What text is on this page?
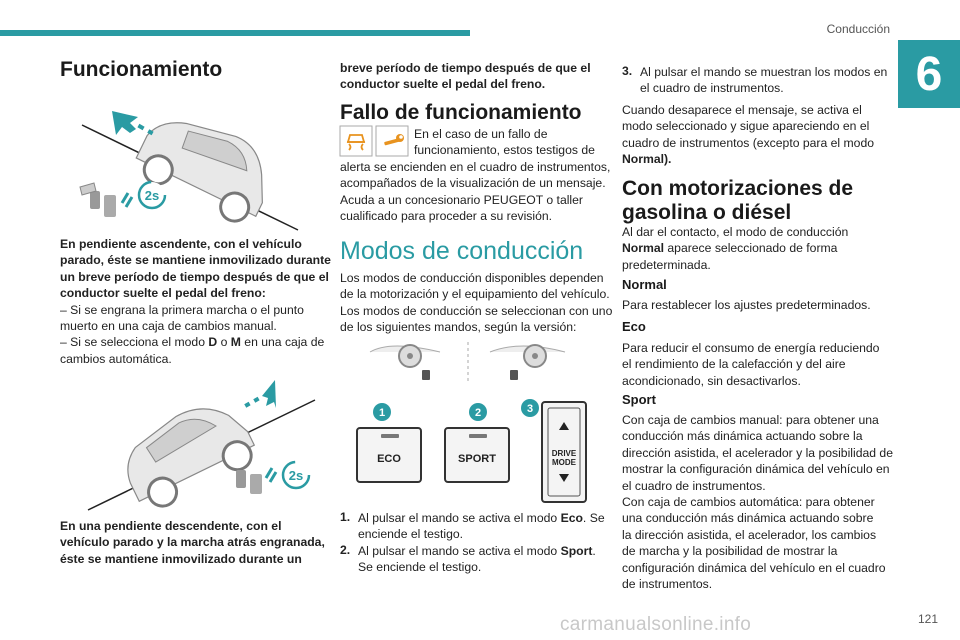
Conducción
6
Funcionamiento
2s
En pendiente ascendente, con el vehículo
parado, éste se mantiene inmovilizado durante
un breve período de tiempo después de que el
conductor suelte el pedal del freno:
– Si se engrana la primera marcha o el punto
muerto en una caja de cambios manual.
– Si se selecciona el modo D o M en una caja de
cambios automática.
2s
En una pendiente descendente, con el
vehículo parado y la marcha atrás engranada,
éste se mantiene inmovilizado durante un
breve período de tiempo después de que el
conductor suelte el pedal del freno.
Fallo de funcionamiento
En el caso de un fallo de
funcionamiento, estos testigos de
alerta se encienden en el cuadro de instrumentos,
acompañados de la visualización de un mensaje.
Acuda a un concesionario PEUGEOT o taller
cualificado para proceder a su revisión.
Modos de conducción
Los modos de conducción disponibles dependen
de la motorización y el equipamiento del vehículo.
Los modos de conducción se seleccionan con uno
de los siguientes mandos, según la versión:
1
ECO
2
SPORT
3
DRIVE
MODE
1. Al pulsar el mando se activa el modo Eco. Se
enciende el testigo.
2. Al pulsar el mando se activa el modo Sport.
Se enciende el testigo.
3. Al pulsar el mando se muestran los modos en
el cuadro de instrumentos.
Cuando desaparece el mensaje, se activa el
modo seleccionado y sigue apareciendo en el
cuadro de instrumentos (excepto para el modo
Normal).
Con motorizaciones de
gasolina o diésel
Al dar el contacto, el modo de conducción
Normal aparece seleccionado de forma
predeterminada.
Normal
Para restablecer los ajustes predeterminados.
Eco
Para reducir el consumo de energía reduciendo
el rendimiento de la calefacción y del aire
acondicionado, sin desactivarlos.
Sport
Con caja de cambios manual: para obtener una
conducción más dinámica actuando sobre la
dirección asistida, el acelerador y la posibilidad de
mostrar la configuración dinámica del vehículo en
el cuadro de instrumentos.
Con caja de cambios automática: para obtener
una conducción más dinámica actuando sobre
la dirección asistida, el acelerador, los cambios
de marcha y la posibilidad de mostrar la
configuración dinámica del vehículo en el cuadro
de instrumentos.
carmanualsonline.info	121
